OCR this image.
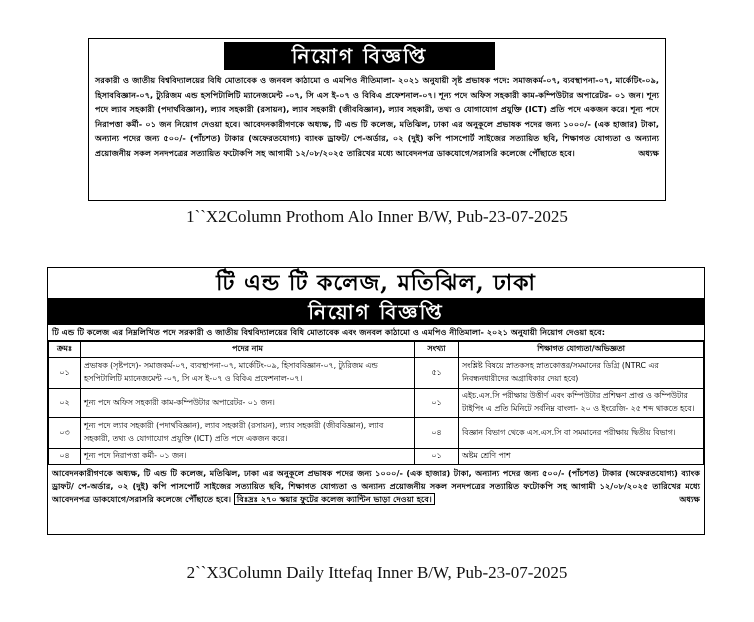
নিয়োগ বিজ্ঞপ্তি
সরকারী ও জাতীয় বিশ্ববিদ্যালয়ের বিধি মোতাবেক ও জনবল কাঠামো ও এমপিও নীতিমালা- ২০২১ অনুযায়ী সৃষ্ট প্রভাষক পদে: সমাজকর্ম-০৭, ব্যবস্থাপনা-০৭, মার্কেটিং-০৯, হিসাববিজ্ঞান-০৭, ট্যুরিজম এন্ড হসপিটালিটি ম্যানেজমেন্ট -০৭, সি এস ই-০৭ ও বিবিএ প্রফেশনাল-০৭। শূন্য পদে অফিস সহকারী কাম-কম্পিউটার অপারেটর- ০১ জন। শূন্য পদে ল্যাব সহকারী (পদার্থবিজ্ঞান), ল্যাব সহকারী (রসায়ন), ল্যাব সহকারী (জীববিজ্ঞান), ল্যাব সহকারী, তথ্য ও যোগাযোগ প্রযুক্তি (ICT) প্রতি পদে একজন করে। শূন্য পদে নিরাপত্তা কর্মী- ০১ জন নিয়োগ দেওয়া হবে। আবেদনকারীগণকে অধ্যক্ষ, টি এন্ড টি কলেজ, মতিঝিল, ঢাকা এর অনুকূলে প্রভাষক পদের জন্য ১০০০/- (এক হাজার) টাকা, অন্যান্য পদের জন্য ৫০০/- (পাঁচশত) টাকার (অফেরতযোগ্য) ব্যাংক ড্রাফট/ পে-অর্ডার, ০২ (দুই) কপি পাসপোর্ট সাইজের সত্যায়িত ছবি, শিক্ষাগত যোগ্যতা ও অন্যান্য প্রয়োজনীয় সকল সনদপত্রের সত্যায়িত ফটোকপি সহ আগামী ১২/০৮/২০২৫ তারিখের মধ্যে আবেদনপত্র ডাকযোগে/সরাসরি কলেজে পৌঁছাতে হবে।	অধ্যক্ষ
1``X2Column Prothom Alo Inner B/W, Pub-23-07-2025
টি এন্ড টি কলেজ, মতিঝিল, ঢাকা
নিয়োগ বিজ্ঞপ্তি
টি এন্ড টি কলেজ এর নিম্নলিখিত পদে সরকারী ও জাতীয় বিশ্ববিদ্যালয়ের বিধি মোতাবেক এবং জনবল কাঠামো ও এমপিও নীতিমালা- ২০২১ অনুযায়ী নিয়োগ দেওয়া হবে:
ক্রমঃ	পদের নাম	সংখ্যা	শিক্ষাগত যোগ্যতা/অভিজ্ঞতা
০১	প্রভাষক (সৃষ্টপদে)- সমাজকর্ম-০৭, ব্যবস্থাপনা-০৭, মার্কেটিং-০৯, হিসাববিজ্ঞান-০৭, ট্যুরিজম এন্ড হসপিটালিটি ম্যানেজমেন্ট -০৭, সি এস ই-০৭ ও বিবিএ প্রফেশনাল-০৭।	৫১	সংশ্লিষ্ট বিষয়ে স্নাতকসহ স্নাতকোত্তর/সমমানের ডিগ্রি (NTRC এর নিবন্ধনধারীদের অগ্রাধিকার দেয়া হবে)
০২	শূন্য পদে অফিস সহকারী কাম-কম্পিউটার অপারেটর- ০১ জন।	০১	এইচ.এস.সি পরীক্ষায় উত্তীর্ণ এবং কম্পিউটার প্রশিক্ষণ প্রাপ্ত ও কম্পিউটার টাইপিং এ প্রতি মিনিটে সর্বনিম্ন বাংলা- ২০ ও ইংরেজি- ২৫ শব্দ থাকতে হবে।
০৩	শূন্য পদে ল্যাব সহকারী (পদার্থবিজ্ঞান), ল্যাব সহকারী (রসায়ন), ল্যাব সহকারী (জীববিজ্ঞান), ল্যাব সহকারী, তথ্য ও যোগাযোগ প্রযুক্তি (ICT) প্রতি পদে একজন করে।	০৪	বিজ্ঞান বিভাগ থেকে এস.এস.সি বা সমমানের পরীক্ষায় দ্বিতীয় বিভাগ।
০৪	শূন্য পদে নিরাপত্তা কর্মী- ০১ জন।	০১	অষ্টম শ্রেণি পাশ
আবেদনকারীগণকে অধ্যক্ষ, টি এন্ড টি কলেজ, মতিঝিল, ঢাকা এর অনুকূলে প্রভাষক পদের জন্য ১০০০/- (এক হাজার) টাকা, অন্যান্য পদের জন্য ৫০০/- (পাঁচশত) টাকার (অফেরতযোগ্য) ব্যাংক ড্রাফট/ পে-অর্ডার, ০২ (দুই) কপি পাসপোর্ট সাইজের সত্যায়িত ছবি, শিক্ষাগত যোগ্যতা ও অন্যান্য প্রয়োজনীয় সকল সনদপত্রের সত্যায়িত ফটোকপি সহ আগামী ১২/০৮/২০২৫ তারিখের মধ্যে আবেদনপত্র ডাকযোগে/সরাসরি কলেজে পৌঁছাতে হবে। বিঃদ্রঃ ২৭০ স্কয়ার ফুটের কলেজ ক্যান্টিন ভাড়া দেওয়া হবে।	অধ্যক্ষ
2``X3Column Daily Ittefaq Inner B/W, Pub-23-07-2025
